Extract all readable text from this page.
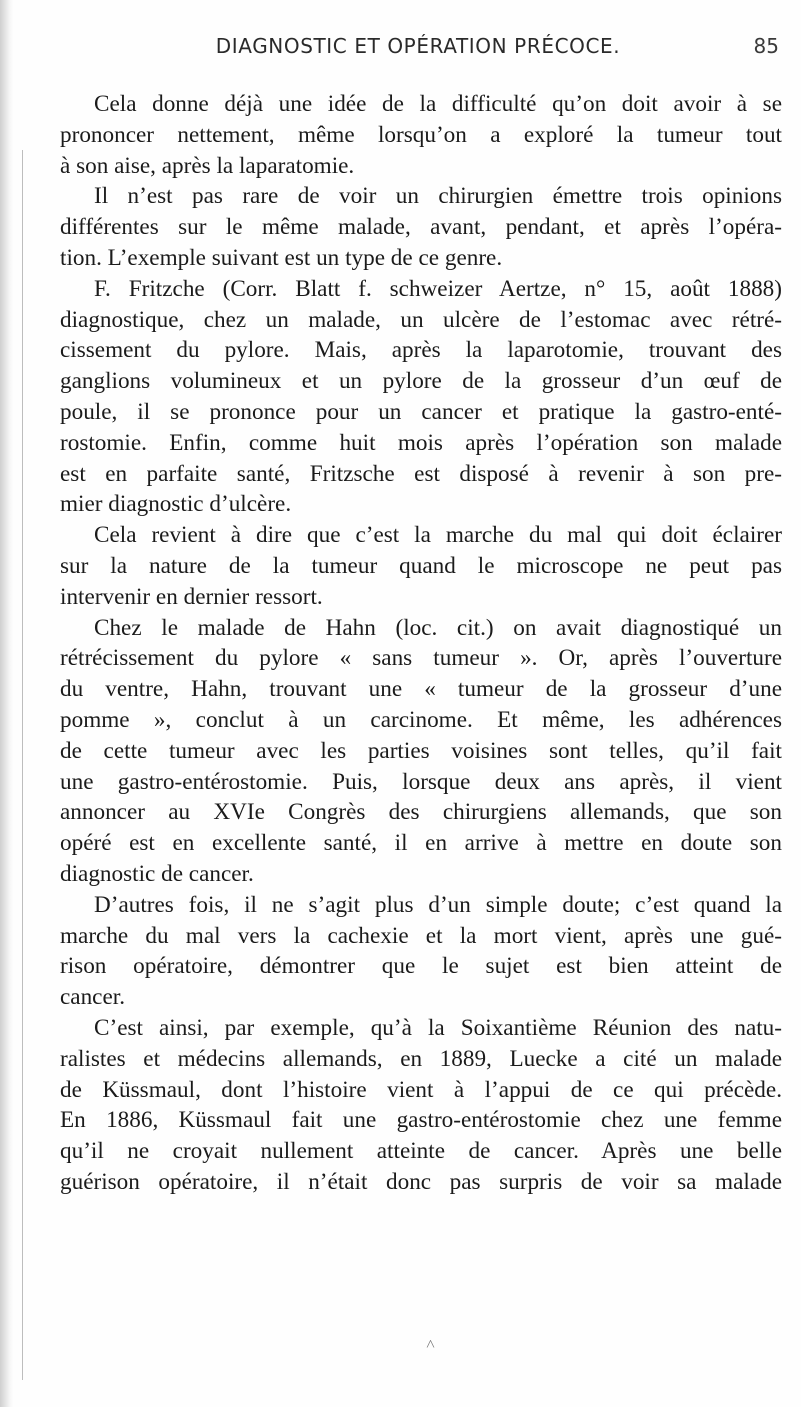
DIAGNOSTIC ET OPÉRATION PRÉCOCE.	85
Cela donne déjà une idée de la difficulté qu’on doit avoir à se
prononcer nettement, même lorsqu’on a exploré la tumeur tout
à son aise, après la laparatomie.
Il n’est pas rare de voir un chirurgien émettre trois opinions
différentes sur le même malade, avant, pendant, et après l’opéra-
tion. L’exemple suivant est un type de ce genre.
F. Fritzche (Corr. Blatt f. schweizer Aertze, n° 15, août 1888)
diagnostique, chez un malade, un ulcère de l’estomac avec rétré-
cissement du pylore. Mais, après la laparotomie, trouvant des
ganglions volumineux et un pylore de la grosseur d’un œuf de
poule, il se prononce pour un cancer et pratique la gastro-enté-
rostomie. Enfin, comme huit mois après l’opération son malade
est en parfaite santé, Fritzsche est disposé à revenir à son pre-
mier diagnostic d’ulcère.
Cela revient à dire que c’est la marche du mal qui doit éclairer
sur la nature de la tumeur quand le microscope ne peut pas
intervenir en dernier ressort.
Chez le malade de Hahn (loc. cit.) on avait diagnostiqué un
rétrécissement du pylore « sans tumeur ». Or, après l’ouverture
du ventre, Hahn, trouvant une « tumeur de la grosseur d’une
pomme », conclut à un carcinome. Et même, les adhérences
de cette tumeur avec les parties voisines sont telles, qu’il fait
une gastro-entérostomie. Puis, lorsque deux ans après, il vient
annoncer au XVIe Congrès des chirurgiens allemands, que son
opéré est en excellente santé, il en arrive à mettre en doute son
diagnostic de cancer.
D’autres fois, il ne s’agit plus d’un simple doute; c’est quand la
marche du mal vers la cachexie et la mort vient, après une gué-
rison opératoire, démontrer que le sujet est bien atteint de
cancer.
C’est ainsi, par exemple, qu’à la Soixantième Réunion des natu-
ralistes et médecins allemands, en 1889, Luecke a cité un malade
de Küssmaul, dont l’histoire vient à l’appui de ce qui précède.
En 1886, Küssmaul fait une gastro-entérostomie chez une femme
qu’il ne croyait nullement atteinte de cancer. Après une belle
guérison opératoire, il n’était donc pas surpris de voir sa malade
˄
